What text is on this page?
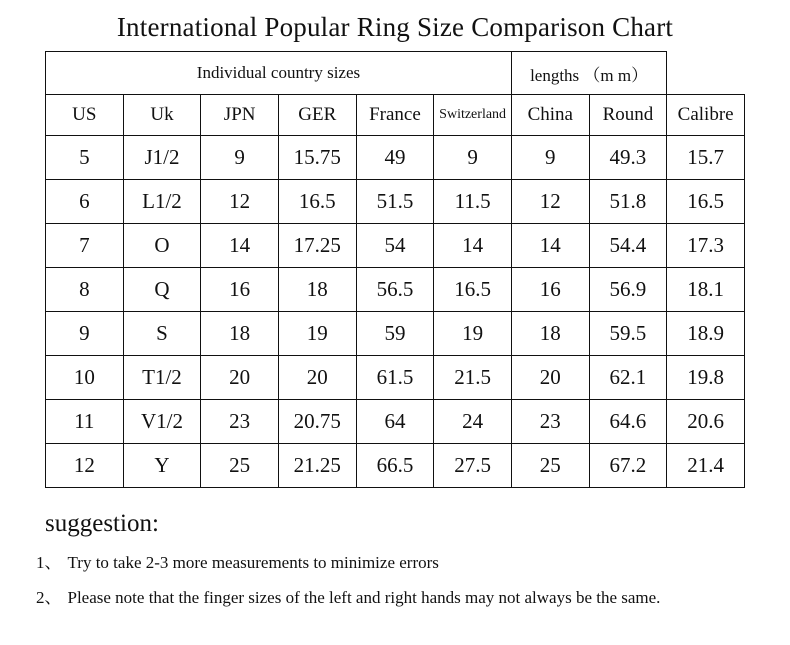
International Popular Ring Size Comparison Chart
Individual country sizes						lengths （m m）		
US	Uk	JPN	GER	France	Switzerland	China	Round	Calibre
5	J1/2	9	15.75	49	9	9	49.3	15.7
6	L1/2	12	16.5	51.5	11.5	12	51.8	16.5
7	O	14	17.25	54	14	14	54.4	17.3
8	Q	16	18	56.5	16.5	16	56.9	18.1
9	S	18	19	59	19	18	59.5	18.9
10	T1/2	20	20	61.5	21.5	20	62.1	19.8
11	V1/2	23	20.75	64	24	23	64.6	20.6
12	Y	25	21.25	66.5	27.5	25	67.2	21.4
suggestion:
1、 Try to take 2-3 more measurements to minimize errors
2、 Please note that the finger sizes of the left and right hands may not always be the same.
